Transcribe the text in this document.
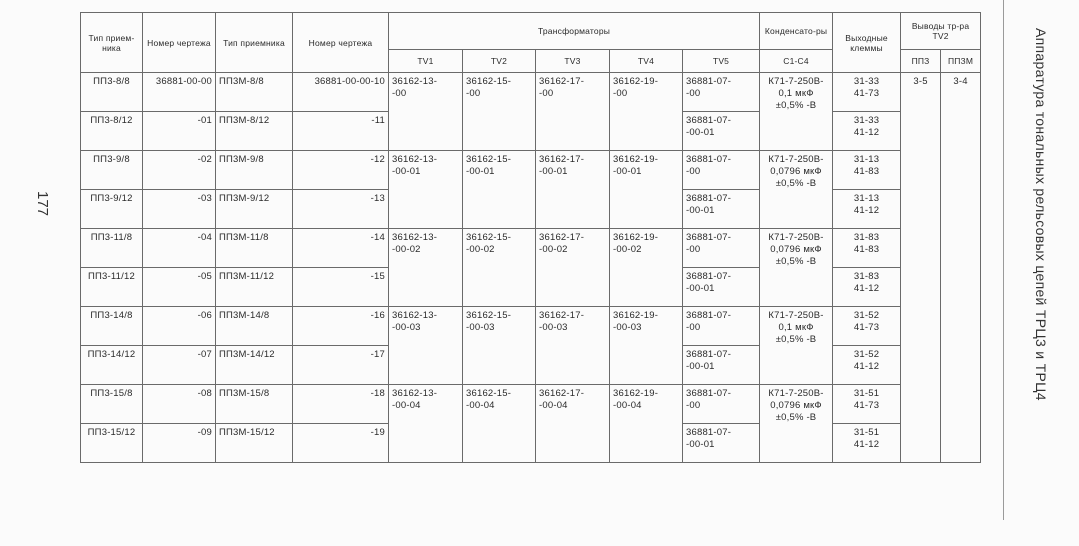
177
Тип прием-ника	Номер чертежа	Тип приемника	Номер чертежа	Трансформаторы					Конденсато-ры	Выходные клеммы	Выводы тр-ра TV2	
				TV1	TV2	TV3	TV4	TV5	C1-C4		ППЗ	ППЗМ
ПП3-8/8	36881-00-00	ПП3М-8/8	36881-00-00-10	36162-13-
-00	36162-15-
-00	36162-17-
-00	36162-19-
-00	36881-07-
-00	К71-7-250В-
0,1 мкФ
±0,5% -В	31-33
41-73	3-5	3-4
ПП3-8/12	-01	ПП3М-8/12	-11					36881-07-
-00-01		31-33
41-12		
ПП3-9/8	-02	ПП3М-9/8	-12	36162-13-
-00-01	36162-15-
-00-01	36162-17-
-00-01	36162-19-
-00-01	36881-07-
-00	К71-7-250В-
0,0796 мкФ
±0,5% -В	31-13
41-83		
ПП3-9/12	-03	ПП3М-9/12	-13					36881-07-
-00-01		31-13
41-12		
ПП3-11/8	-04	ПП3М-11/8	-14	36162-13-
-00-02	36162-15-
-00-02	36162-17-
-00-02	36162-19-
-00-02	36881-07-
-00	К71-7-250В-
0,0796 мкФ
±0,5% -В	31-83
41-83		
ПП3-11/12	-05	ПП3М-11/12	-15					36881-07-
-00-01		31-83
41-12		
ПП3-14/8	-06	ПП3М-14/8	-16	36162-13-
-00-03	36162-15-
-00-03	36162-17-
-00-03	36162-19-
-00-03	36881-07-
-00	К71-7-250В-
0,1 мкФ
±0,5% -В	31-52
41-73		
ПП3-14/12	-07	ПП3М-14/12	-17					36881-07-
-00-01		31-52
41-12		
ПП3-15/8	-08	ПП3М-15/8	-18	36162-13-
-00-04	36162-15-
-00-04	36162-17-
-00-04	36162-19-
-00-04	36881-07-
-00	К71-7-250В-
0,0796 мкФ
±0,5% -В	31-51
41-73		
ПП3-15/12	-09	ПП3М-15/12	-19					36881-07-
-00-01		31-51
41-12		
Аппаратура тональных рельсовых цепей ТРЦ3 и ТРЦ4
